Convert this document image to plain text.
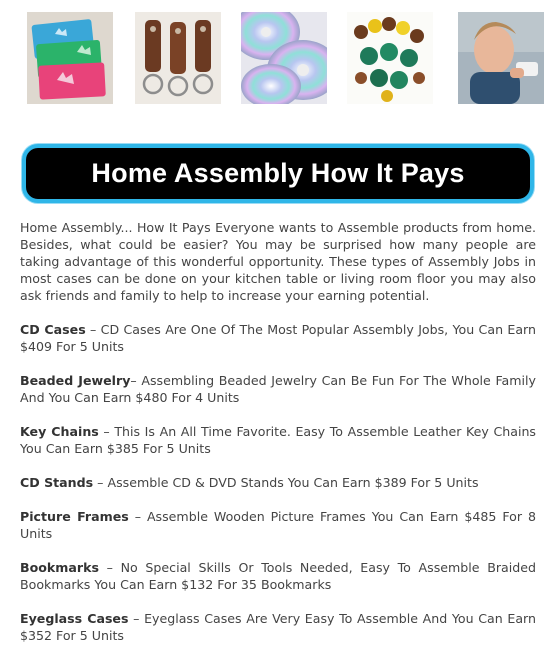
Home Assembly How It Pays

Home Assembly... How It Pays Everyone wants to Assemble products from home. Besides, what could be easier? You may be surprised how many people are taking advantage of this wonderful opportunity. These types of Assembly Jobs in most cases can be done on your kitchen table or living room floor you may also ask friends and family to help to increase your earning potential.

CD Cases – CD Cases Are One Of The Most Popular Assembly Jobs, You Can Earn $409 For 5 Units

Beaded Jewelry– Assembling Beaded Jewelry Can Be Fun For The Whole Family And You Can Earn $480 For 4 Units

Key Chains – This Is An All Time Favorite. Easy To Assemble Leather Key Chains You Can Earn $385 For 5 Units

CD Stands – Assemble CD & DVD Stands You Can Earn $389 For 5 Units

Picture Frames – Assemble Wooden Picture Frames You Can Earn $485 For 8 Units

Bookmarks – No Special Skills Or Tools Needed, Easy To Assemble Braided Bookmarks You Can Earn $132 For 35 Bookmarks

Eyeglass Cases – Eyeglass Cases Are Very Easy To Assemble And You Can Earn $352 For 5 Units
